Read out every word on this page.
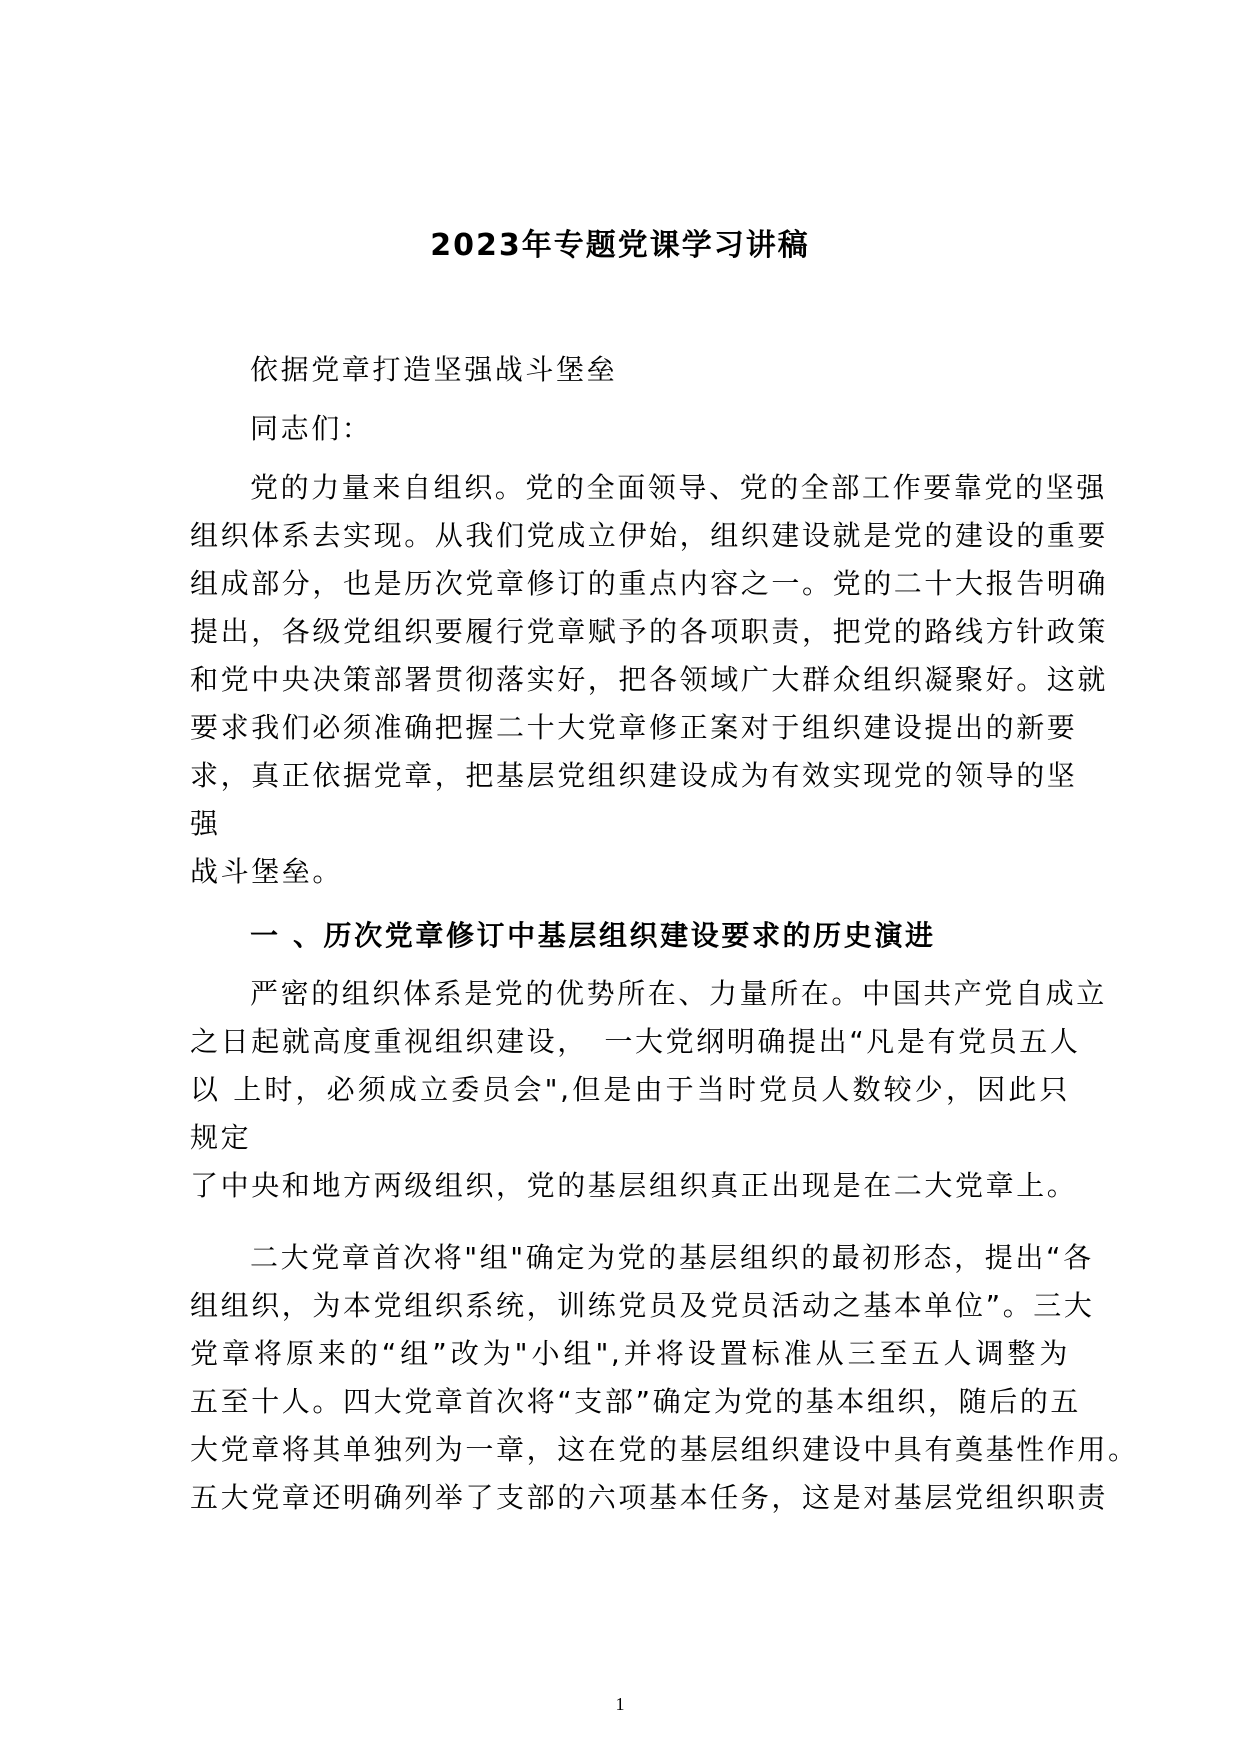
2023年专题党课学习讲稿
依据党章打造坚强战斗堡垒
同志们：
党的力量来自组织。党的全面领导、党的全部工作要靠党的坚强
组织体系去实现。从我们党成立伊始，组织建设就是党的建设的重要
组成部分，也是历次党章修订的重点内容之一。党的二十大报告明确
提出，各级党组织要履行党章赋予的各项职责，把党的路线方针政策
和党中央决策部署贯彻落实好，把各领域广大群众组织凝聚好。这就
要求我们必须准确把握二十大党章修正案对于组织建设提出的新要
求，真正依据党章，把基层党组织建设成为有效实现党的领导的坚
强
战斗堡垒。
一 、历次党章修订中基层组织建设要求的历史演进
严密的组织体系是党的优势所在、力量所在。中国共产党自成立
之日起就高度重视组织建设，　一大党纲明确提出“凡是有党员五人
以 上时，必须成立委员会",但是由于当时党员人数较少，因此只
规定
了中央和地方两级组织，党的基层组织真正出现是在二大党章上。
二大党章首次将"组"确定为党的基层组织的最初形态，提出“各
组组织，为本党组织系统，训练党员及党员活动之基本单位”。三大
党章将原来的“组”改为"小组",并将设置标准从三至五人调整为
五至十人。四大党章首次将“支部”确定为党的基本组织，随后的五
大党章将其单独列为一章，这在党的基层组织建设中具有奠基性作用。
五大党章还明确列举了支部的六项基本任务，这是对基层党组织职责
1
